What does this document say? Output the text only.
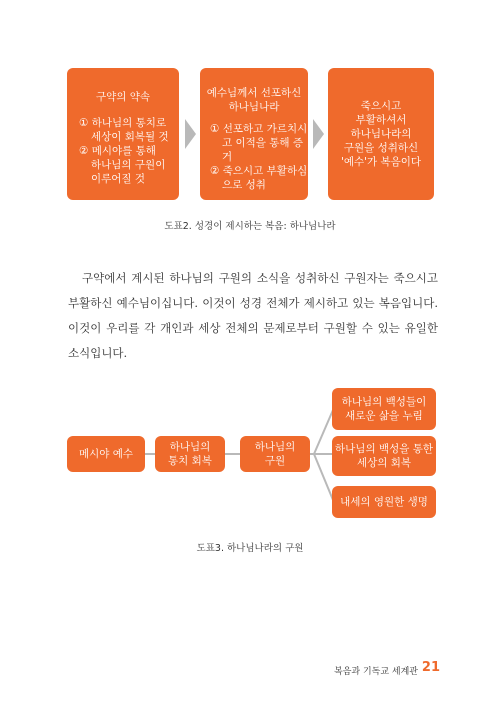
구약의 약속
① 하나님의 통치로
세상이 회복될 것
② 메시야를 통해
하나님의 구원이
이루어질 것
예수님께서 선포하신
하나님나라
① 선포하고 가르치시
고 이적을 통해 증거
② 죽으시고 부활하심
으로 성취
죽으시고
부활하셔서
하나님나라의
구원을 성취하신
'예수'가 복음이다
도표2. 성경이 제시하는 복음: 하나님나라

구약에서 계시된 하나님의 구원의 소식을 성취하신 구원자는 죽으시고 부활하신 예수님이십니다. 이것이 성경 전체가 제시하고 있는 복음입니다. 이것이 우리를 각 개인과 세상 전체의 문제로부터 구원할 수 있는 유일한 소식입니다.

메시야 예수
하나님의
통치 회복
하나님의
구원
하나님의 백성들이
새로운 삶을 누림
하나님의 백성을 통한
세상의 회복
내세의 영원한 생명
도표3. 하나님나라의 구원
복음과 기독교 세계관 21
